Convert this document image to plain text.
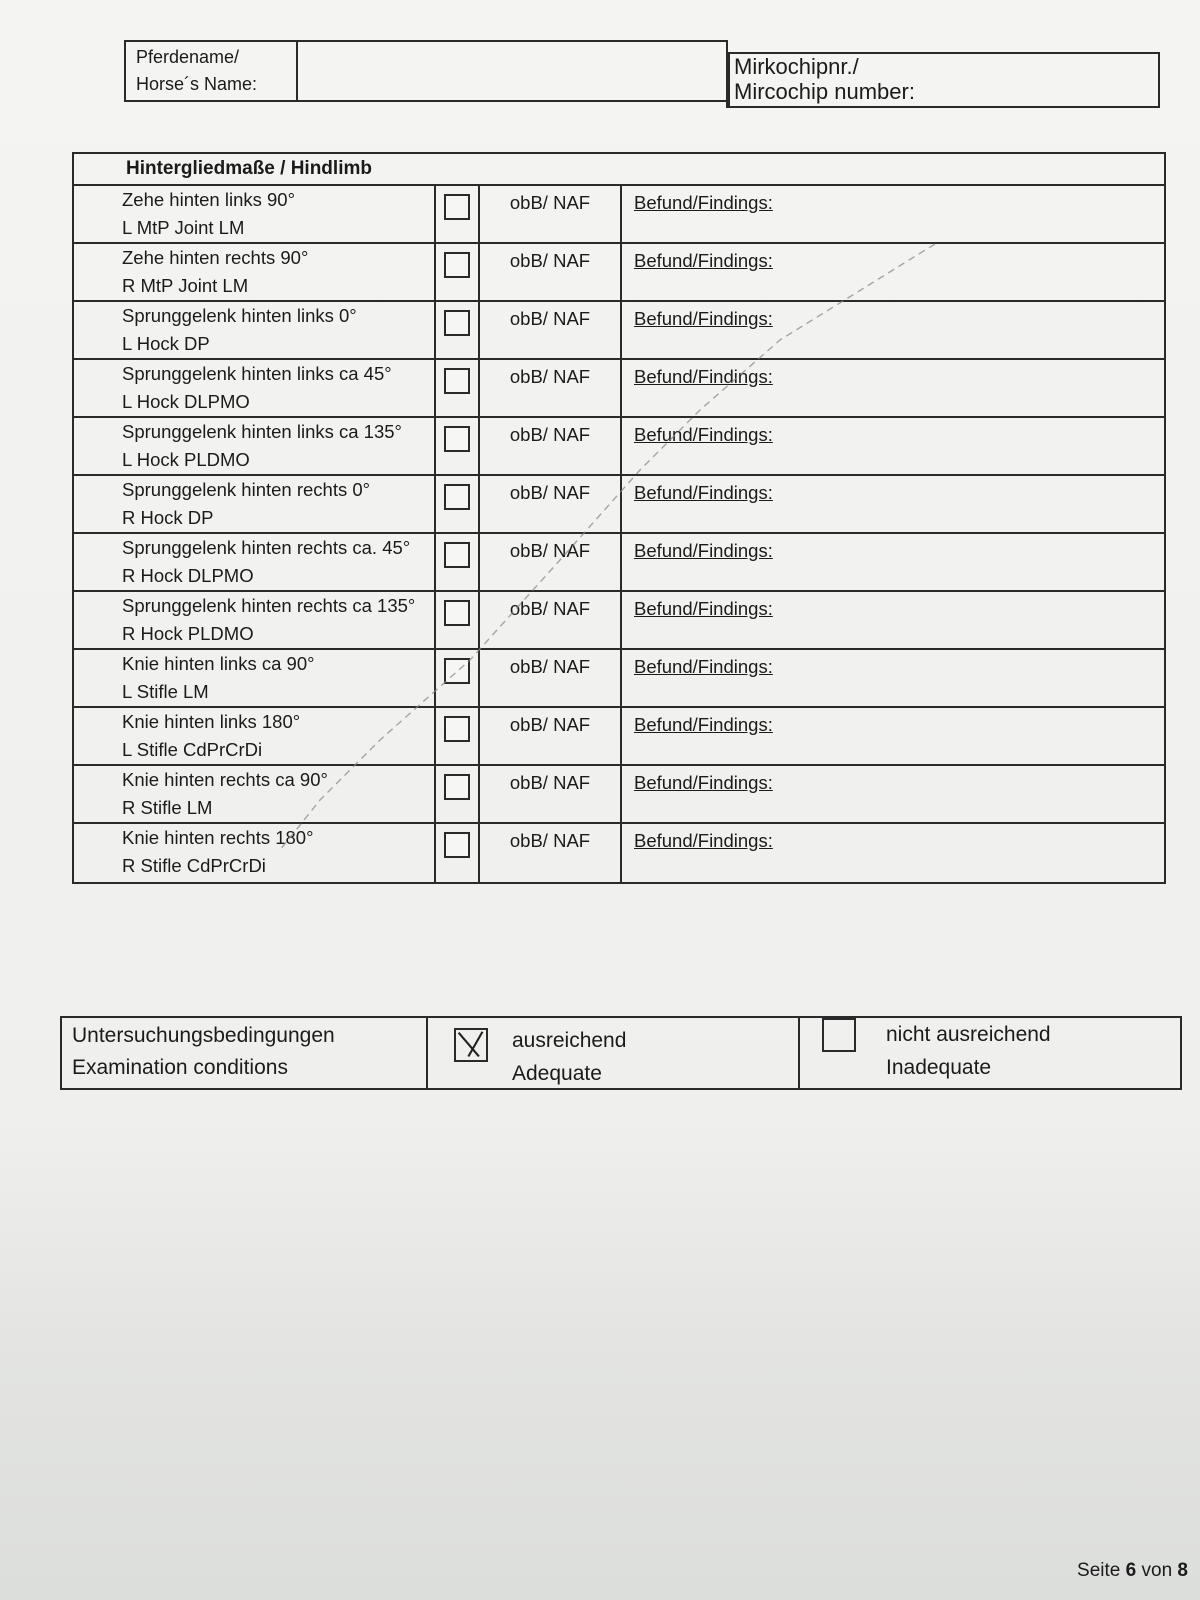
Pferdename/
Horse´s Name:
Mirkochipnr./
Mircochip number:
Hintergliedmaße / Hindlimb
Zehe hinten links 90°
L MtP Joint LM
obB/ NAF	Befund/Findings:
Zehe hinten rechts 90°
R MtP Joint LM
obB/ NAF	Befund/Findings:
Sprunggelenk hinten links 0°
L Hock DP
obB/ NAF	Befund/Findings:
Sprunggelenk hinten links ca 45°
L Hock DLPMO
obB/ NAF	Befund/Findings:
Sprunggelenk hinten links ca 135°
L Hock PLDMO
obB/ NAF	Befund/Findings:
Sprunggelenk hinten rechts 0°
R Hock DP
obB/ NAF	Befund/Findings:
Sprunggelenk hinten rechts ca. 45°
R Hock DLPMO
obB/ NAF	Befund/Findings:
Sprunggelenk hinten rechts ca 135°
R Hock PLDMO
obB/ NAF	Befund/Findings:
Knie hinten links ca 90°
L Stifle LM
obB/ NAF	Befund/Findings:
Knie hinten links 180°
L Stifle CdPrCrDi
obB/ NAF	Befund/Findings:
Knie hinten rechts ca 90°
R Stifle LM
obB/ NAF	Befund/Findings:
Knie hinten rechts 180°
R Stifle CdPrCrDi
obB/ NAF	Befund/Findings:
Untersuchungsbedingungen
Examination conditions
ausreichend
Adequate
nicht ausreichend
Inadequate
Seite 6 von 8
